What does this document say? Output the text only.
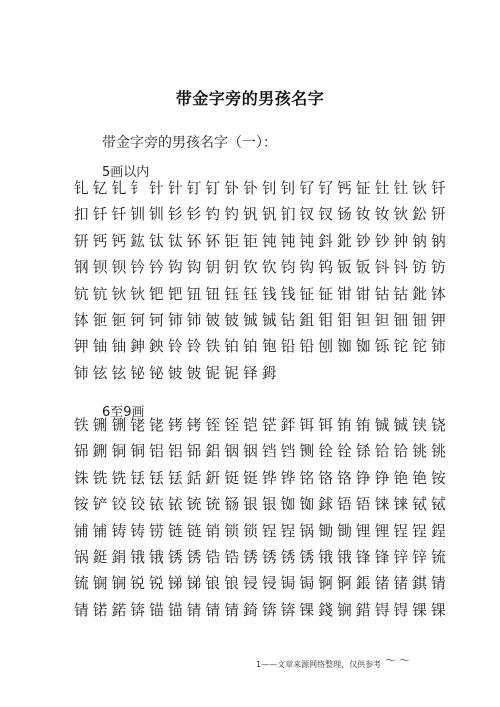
带金字旁的男孩名字
带金字旁的男孩名字（一）：
5画以内
钆钇钆钅针针钉钉钋钋钊钊钌钌钙钲钍钍钬钎扣钎钎钏钏钐钐钓钓钒钒钔钗钗钖钕钕钬鈆钘钘钙钙鈜钛钛钚钚钜钜钝钝钝鈄鈚钞钞钟钠钠钢钡钡钤钤钩钩钥钥钦钦钧钩钨钣钣钭钭钫钫钪钪钬钬钯钯钮钮钰钰钱钱钲钲钳钳钴钴鈚钵钵钷钷钶钶铈铈铍铍铖铖钻鉏钼钼钽钽钿钿钾钾铀铀鉮鉠铃铃铁铂铂铇铅铅刨铷铷铄铊铊铈铈铉铉铋铋铍铍铌铌铎鉧
6至9画
铁铏铏铑铑铐铐铚铚铠铓銔铒铒铕铕铖铖铗铙铞鉶铜铜铝铝铞鋁铟铟铛铛铡铨铨铩铪铪铫铫铢铣铣铥铥铥銛銒铤铤铧铧铭铬铬铮铮铯铯铵铵铲铰铰铱铱铳铳铴银银铷铷銶铻铻铼铼铽铽铺铺铸铸铹链链销锁锁锃锃锅锄锄锂锂锃锃鋥锅鋌鋗锇锇锈锈锆锆锈锈锈锈锇锇锋锋锌锌锍锍锎锎锐锐锑锑锒锒锓锓锔锔锕锕鋹锗锗錤锖锖锘鍩锛锚锚锖锖锖錡锛锛锞錢锎錯锝锝锞锞
1——文章来源网络整理，仅供参考 ～～
